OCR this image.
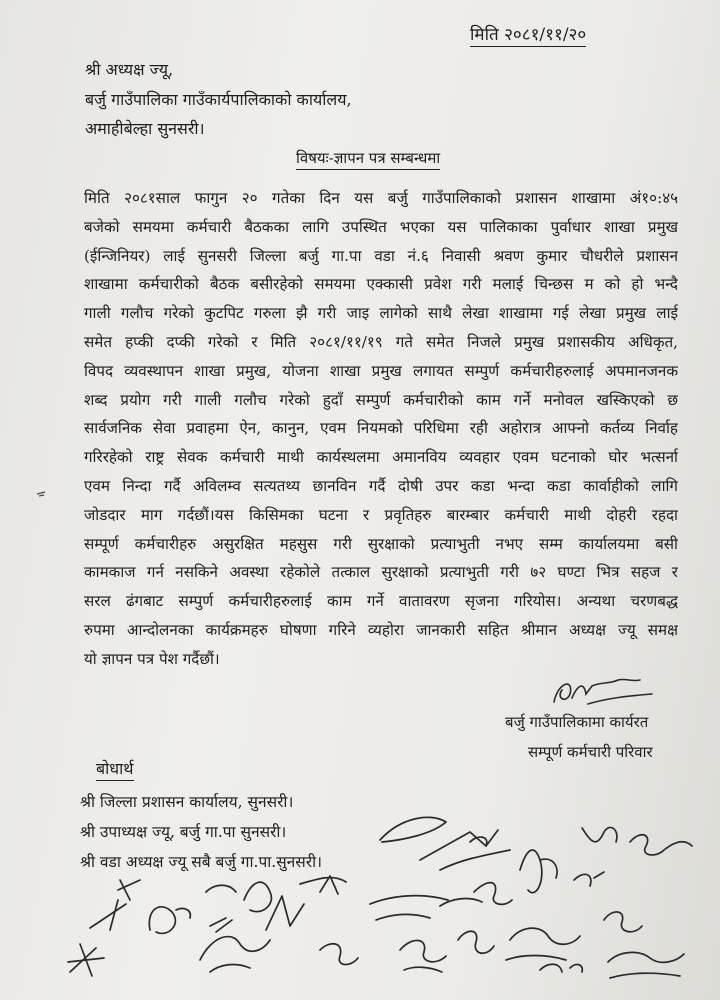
मिति २०८१/११/२०
श्री अध्यक्ष ज्यू,
बर्जु गाउँपालिका गाउँकार्यपालिकाको कार्यालय,
अमाहीबेल्हा सुनसरी।
विषयः-ज्ञापन पत्र सम्बन्धमा
मिति २०८१साल फागुन २० गतेका दिन यस बर्जु गाउँपालिकाको प्रशासन शाखामा अं१०:४५
बजेको समयमा कर्मचारी बैठकका लागि उपस्थित भएका यस पालिकाका पुर्वाधार शाखा प्रमुख
(ईन्जिनियर) लाई सुनसरी जिल्ला बर्जु गा.पा वडा नं.६ निवासी श्रवण कुमार चौधरीले प्रशासन
शाखामा कर्मचारीको बैठक बसीरहेको समयमा एक्कासी प्रवेश गरी मलाई चिन्छस म को हो भन्दै
गाली गलौच गरेको कुटपिट गरुला झै गरी जाइ लागेको साथै लेखा शाखामा गई लेखा प्रमुख लाई
समेत हप्की दप्की गरेको र मिति २०८१/११/१९ गते समेत निजले प्रमुख प्रशासकीय अधिकृत,
विपद व्यवस्थापन शाखा प्रमुख, योजना शाखा प्रमुख लगायत सम्पुर्ण कर्मचारीहरुलाई अपमानजनक
शब्द प्रयोग गरी गाली गलौच गरेको हुदाँ सम्पुर्ण कर्मचारीको काम गर्ने मनोवल खस्किएको छ
सार्वजनिक सेवा प्रवाहमा ऐन, कानुन, एवम नियमको परिधिमा रही अहोरात्र आफ्नो कर्तव्य निर्वाह
गरिरहेको राष्ट्र सेवक कर्मचारी माथी कार्यस्थलमा अमानविय व्यवहार एवम घटनाको घोर भत्सर्ना
एवम निन्दा गर्दै अविलम्व सत्यतथ्य छानविन गर्दै दोषी उपर कडा भन्दा कडा कार्वाहीको लागि
जोडदार माग गर्दछौं।यस किसिमका घटना र प्रवृतिहरु बारम्बार कर्मचारी माथी दोहरी रहदा
सम्पूर्ण कर्मचारीहरु असुरक्षित महसुस गरी सुरक्षाको प्रत्याभुती नभए सम्म कार्यालयमा बसी
कामकाज गर्न नसकिने अवस्था रहेकोले तत्काल सुरक्षाको प्रत्याभुती गरी ७२ घण्टा भित्र सहज र
सरल ढंगबाट सम्पुर्ण कर्मचारीहरुलाई काम गर्ने वातावरण सृजना गरियोस। अन्यथा चरणबद्ध
रुपमा आन्दोलनका कार्यक्रमहरु घोषणा गरिने व्यहोरा जानकारी सहित श्रीमान अध्यक्ष ज्यू समक्ष
यो ज्ञापन पत्र पेश गर्दैछौं।
बर्जु गाउँपालिकामा कार्यरत
सम्पूर्ण कर्मचारी परिवार
बोधार्थ
श्री जिल्ला प्रशासन कार्यालय, सुनसरी।
श्री उपाध्यक्ष ज्यू, बर्जु गा.पा सुनसरी।
श्री वडा अध्यक्ष ज्यू सबै बर्जु गा.पा.सुनसरी।
